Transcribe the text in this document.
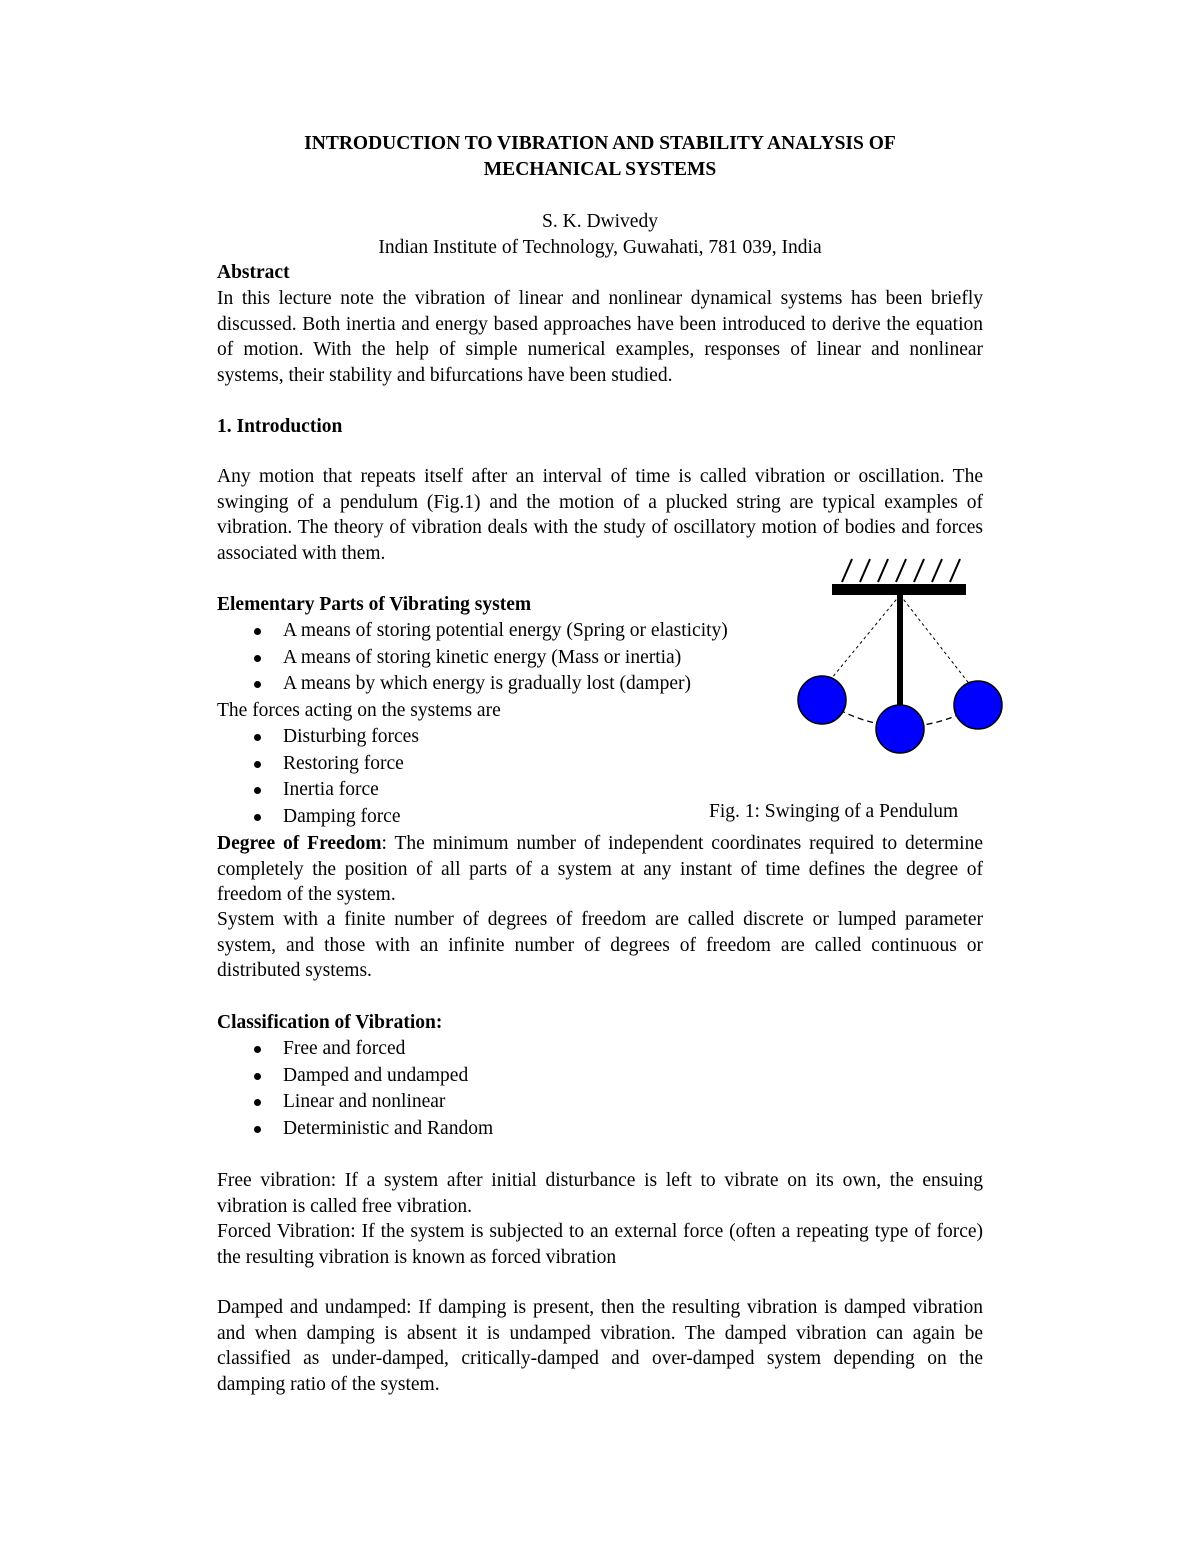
INTRODUCTION TO VIBRATION AND STABILITY ANALYSIS OF
MECHANICAL SYSTEMS
S. K. Dwivedy
Indian Institute of Technology, Guwahati, 781 039, India
Abstract
In this lecture note the vibration of linear and nonlinear dynamical systems has been briefly discussed. Both inertia and energy based approaches have been introduced to derive the equation of motion. With the help of simple numerical examples, responses of linear and nonlinear systems, their stability and bifurcations have been studied.
1. Introduction
Any motion that repeats itself after an interval of time is called vibration or oscillation. The swinging of a pendulum (Fig.1) and the motion of a plucked string are typical examples of vibration. The theory of vibration deals with the study of oscillatory motion of bodies and forces associated with them.
Elementary Parts of Vibrating system
A means of storing potential energy (Spring or elasticity)
A means of storing kinetic energy (Mass or inertia)
A means by which energy is gradually lost (damper)
The forces acting on the systems are
Disturbing forces
Restoring force
Inertia force
Damping force	Fig. 1: Swinging of a Pendulum
Degree of Freedom: The minimum number of independent coordinates required to determine completely the position of all parts of a system at any instant of time defines the degree of freedom of the system.
System with a finite number of degrees of freedom are called discrete or lumped parameter system, and those with an infinite number of degrees of freedom are called continuous or distributed systems.
Classification of Vibration:
Free and forced
Damped and undamped
Linear and nonlinear
Deterministic and Random
Free vibration: If a system after initial disturbance is left to vibrate on its own, the ensuing vibration is called free vibration.
Forced Vibration: If the system is subjected to an external force (often a repeating type of force) the resulting vibration is known as forced vibration
Damped and undamped: If damping is present, then the resulting vibration is damped vibration and when damping is absent it is undamped vibration. The damped vibration can again be classified as under-damped, critically-damped and over-damped system depending on the damping ratio of the system.
